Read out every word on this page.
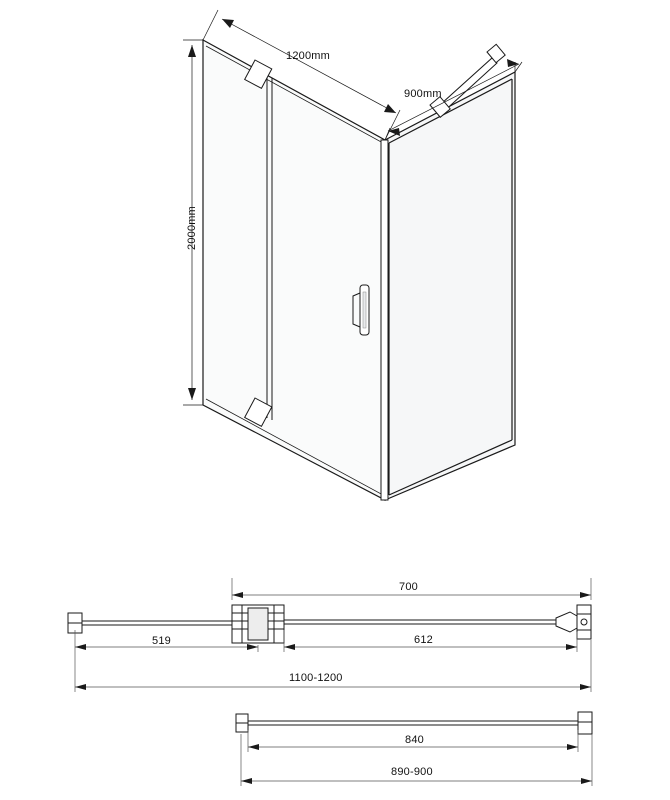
1200mm
900mm
2000mm
519
700
612
1100-1200
840
890-900
